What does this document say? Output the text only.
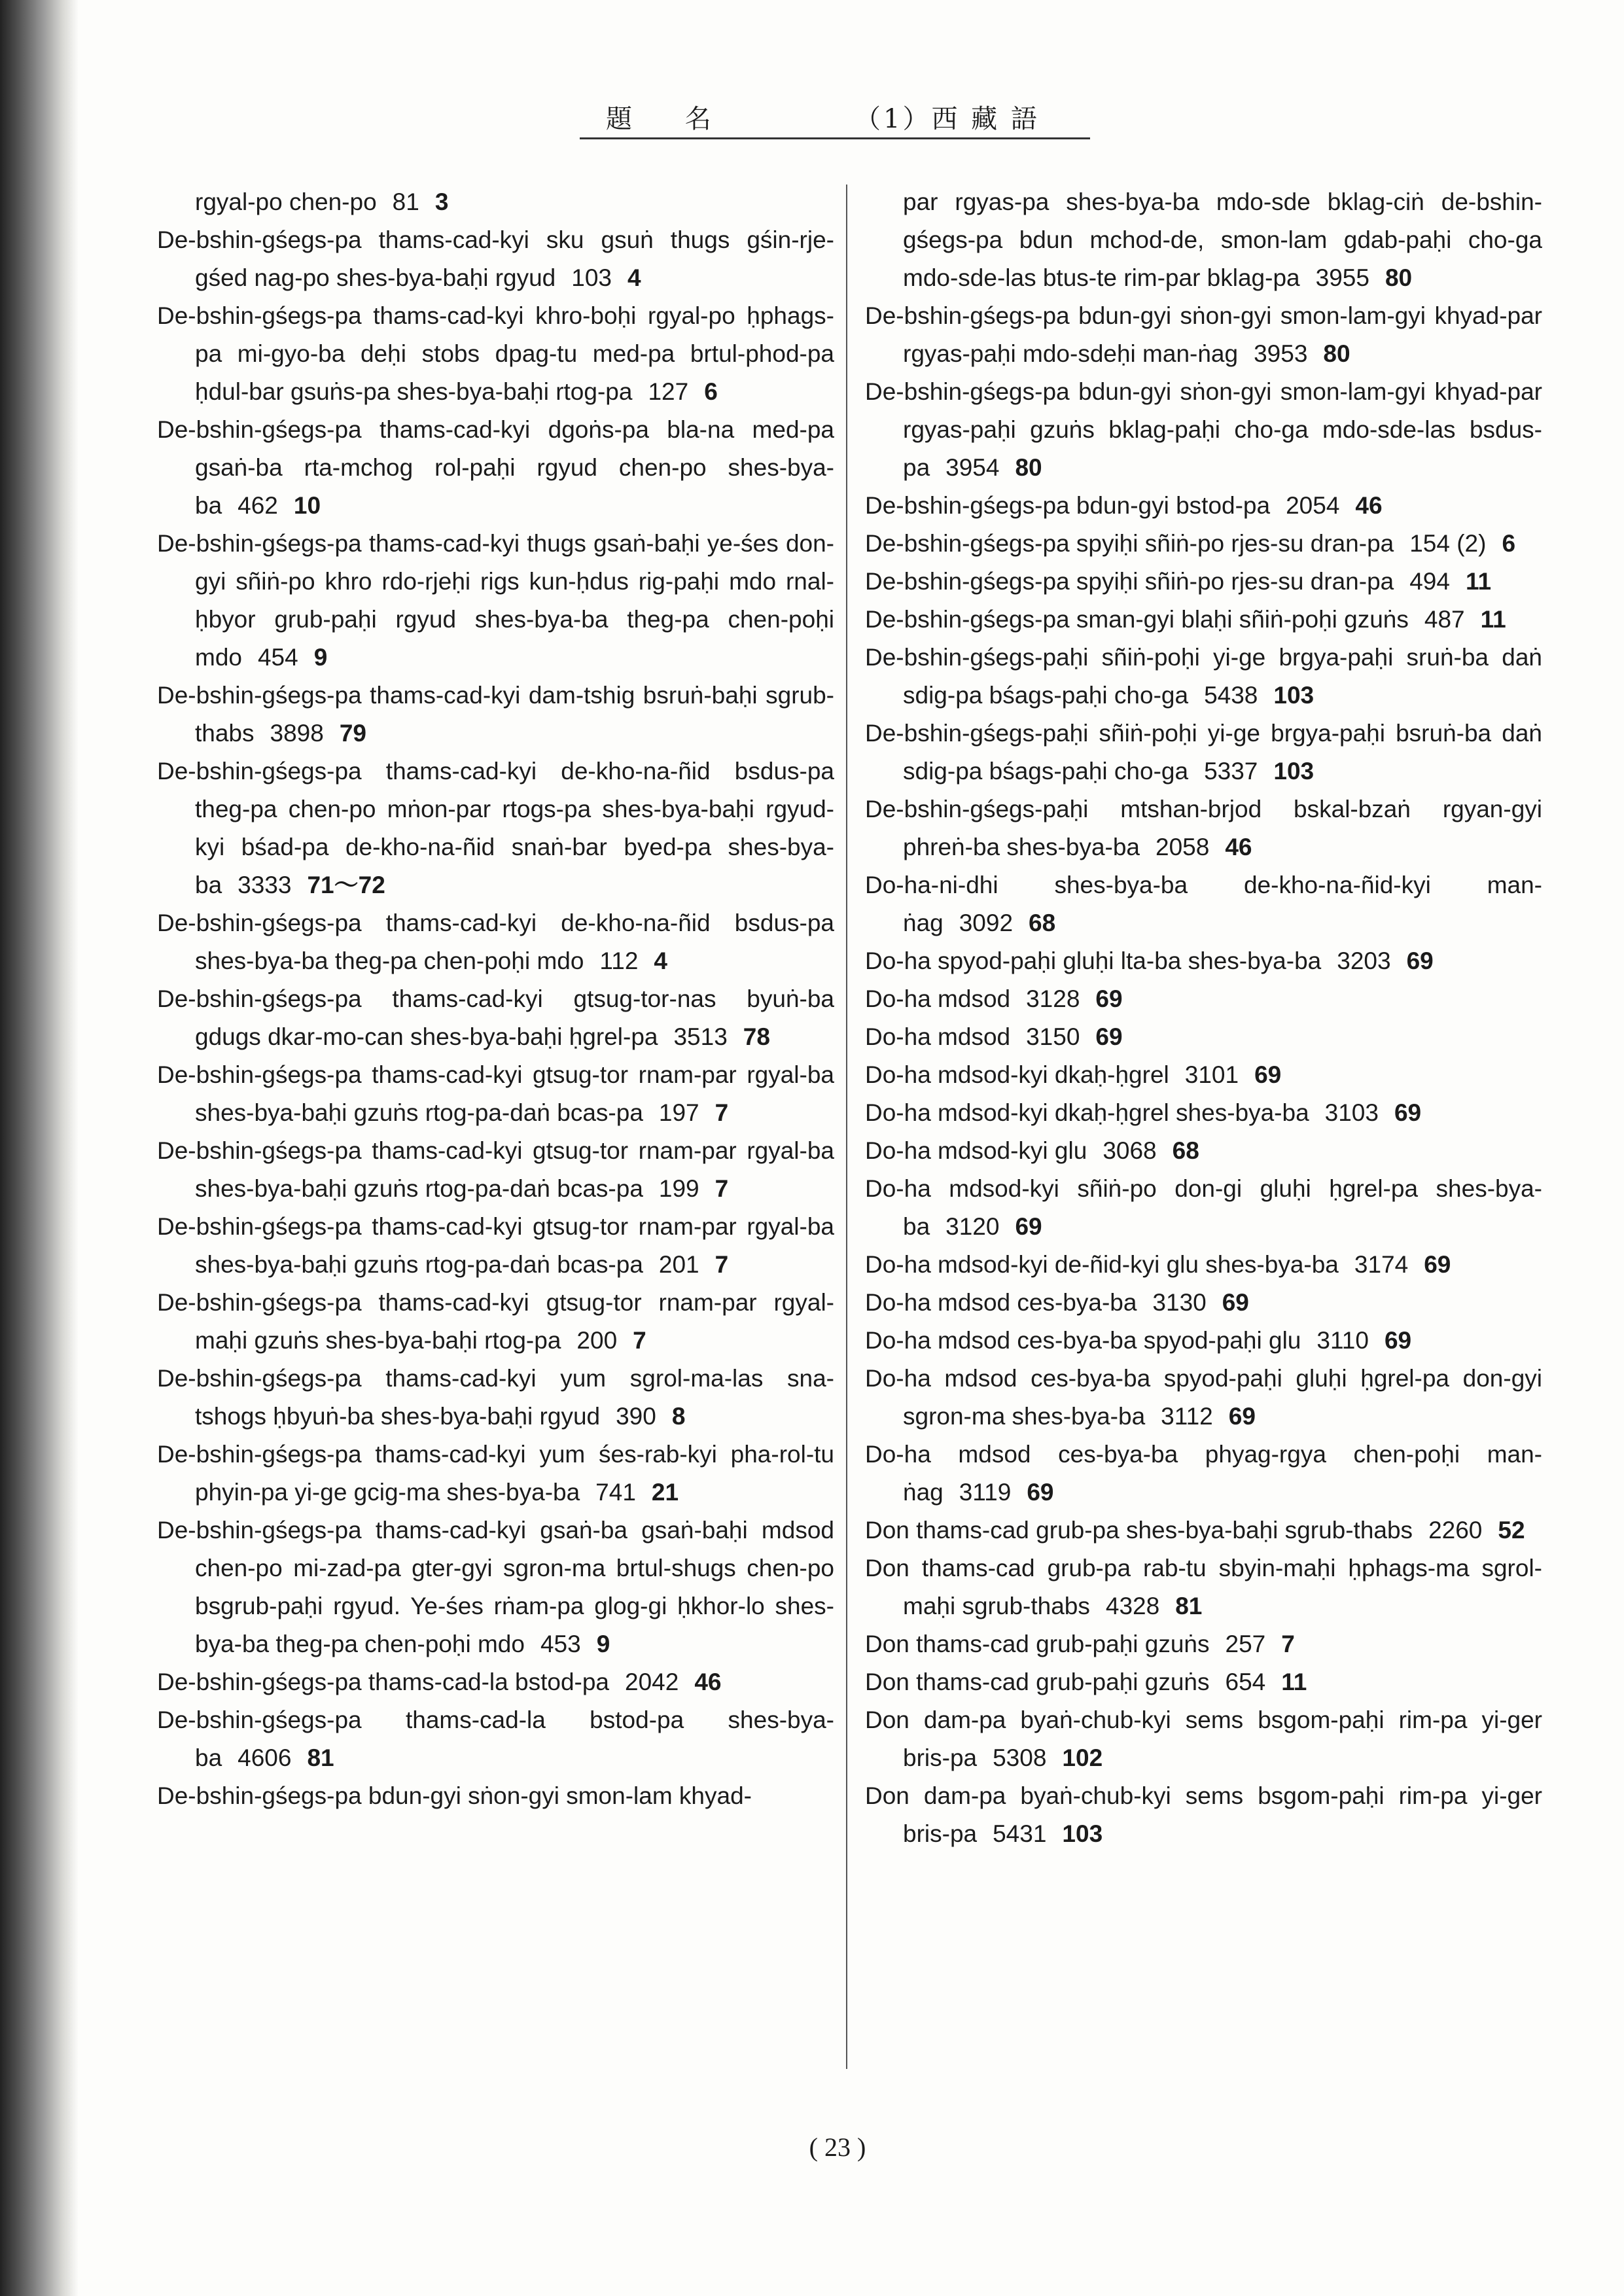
題 名	（1）西 藏 語
rgyal-po chen-po 81 3
De-bshin-gśegs-pa thams-cad-kyi sku gsuṅ thugs gśin-rje-gśed nag-po shes-bya-baḥi rgyud 103 4
De-bshin-gśegs-pa thams-cad-kyi khro-boḥi rgyal-po ḥphags-pa mi-gyo-ba deḥi stobs dpag-tu med-pa brtul-phod-pa ḥdul-bar gsuṅs-pa shes-bya-baḥi rtog-pa 127 6
De-bshin-gśegs-pa thams-cad-kyi dgoṅs-pa bla-na med-pa gsaṅ-ba rta-mchog rol-paḥi rgyud chen-po shes-bya-ba 462 10
De-bshin-gśegs-pa thams-cad-kyi thugs gsaṅ-baḥi ye-śes don-gyi sñiṅ-po khro rdo-rjeḥi rigs kun-ḥdus rig-paḥi mdo rnal-ḥbyor grub-paḥi rgyud shes-bya-ba theg-pa chen-poḥi mdo 454 9
De-bshin-gśegs-pa thams-cad-kyi dam-tshig bsruṅ-baḥi sgrub-thabs 3898 79
De-bshin-gśegs-pa thams-cad-kyi de-kho-na-ñid bsdus-pa theg-pa chen-po mṅon-par rtogs-pa shes-bya-baḥi rgyud-kyi bśad-pa de-kho-na-ñid snaṅ-bar byed-pa shes-bya-ba 3333 71～72
De-bshin-gśegs-pa thams-cad-kyi de-kho-na-ñid bsdus-pa shes-bya-ba theg-pa chen-poḥi mdo 112 4
De-bshin-gśegs-pa thams-cad-kyi gtsug-tor-nas byuṅ-ba gdugs dkar-mo-can shes-bya-baḥi ḥgrel-pa 3513 78
De-bshin-gśegs-pa thams-cad-kyi gtsug-tor rnam-par rgyal-ba shes-bya-baḥi gzuṅs rtog-pa-daṅ bcas-pa 197 7
De-bshin-gśegs-pa thams-cad-kyi gtsug-tor rnam-par rgyal-ba shes-bya-baḥi gzuṅs rtog-pa-daṅ bcas-pa 199 7
De-bshin-gśegs-pa thams-cad-kyi gtsug-tor rnam-par rgyal-ba shes-bya-baḥi gzuṅs rtog-pa-daṅ bcas-pa 201 7
De-bshin-gśegs-pa thams-cad-kyi gtsug-tor rnam-par rgyal-maḥi gzuṅs shes-bya-baḥi rtog-pa 200 7
De-bshin-gśegs-pa thams-cad-kyi yum sgrol-ma-las sna-tshogs ḥbyuṅ-ba shes-bya-baḥi rgyud 390 8
De-bshin-gśegs-pa thams-cad-kyi yum śes-rab-kyi pha-rol-tu phyin-pa yi-ge gcig-ma shes-bya-ba 741 21
De-bshin-gśegs-pa thams-cad-kyi gsaṅ-ba gsaṅ-baḥi mdsod chen-po mi-zad-pa gter-gyi sgron-ma brtul-shugs chen-po bsgrub-paḥi rgyud. Ye-śes rṅam-pa glog-gi ḥkhor-lo shes-bya-ba theg-pa chen-poḥi mdo 453 9
De-bshin-gśegs-pa thams-cad-la bstod-pa 2042 46
De-bshin-gśegs-pa thams-cad-la bstod-pa shes-bya-ba 4606 81
De-bshin-gśegs-pa bdun-gyi sṅon-gyi smon-lam khyad-
par rgyas-pa shes-bya-ba mdo-sde bklag-ciṅ de-bshin-gśegs-pa bdun mchod-de, smon-lam gdab-paḥi cho-ga mdo-sde-las btus-te rim-par bklag-pa 3955 80
De-bshin-gśegs-pa bdun-gyi sṅon-gyi smon-lam-gyi khyad-par rgyas-paḥi mdo-sdeḥi man-ṅag 3953 80
De-bshin-gśegs-pa bdun-gyi sṅon-gyi smon-lam-gyi khyad-par rgyas-paḥi gzuṅs bklag-paḥi cho-ga mdo-sde-las bsdus-pa 3954 80
De-bshin-gśegs-pa bdun-gyi bstod-pa 2054 46
De-bshin-gśegs-pa spyiḥi sñiṅ-po rjes-su dran-pa 154 (2) 6
De-bshin-gśegs-pa spyiḥi sñiṅ-po rjes-su dran-pa 494 11
De-bshin-gśegs-pa sman-gyi blaḥi sñiṅ-poḥi gzuṅs 487 11
De-bshin-gśegs-paḥi sñiṅ-poḥi yi-ge brgya-paḥi sruṅ-ba daṅ sdig-pa bśags-paḥi cho-ga 5438 103
De-bshin-gśegs-paḥi sñiṅ-poḥi yi-ge brgya-paḥi bsruṅ-ba daṅ sdig-pa bśags-paḥi cho-ga 5337 103
De-bshin-gśegs-paḥi mtshan-brjod bskal-bzaṅ rgyan-gyi phreṅ-ba shes-bya-ba 2058 46
Do-ha-ni-dhi shes-bya-ba de-kho-na-ñid-kyi man-ṅag 3092 68
Do-ha spyod-paḥi gluḥi lta-ba shes-bya-ba 3203 69
Do-ha mdsod 3128 69
Do-ha mdsod 3150 69
Do-ha mdsod-kyi dkaḥ-ḥgrel 3101 69
Do-ha mdsod-kyi dkaḥ-ḥgrel shes-bya-ba 3103 69
Do-ha mdsod-kyi glu 3068 68
Do-ha mdsod-kyi sñiṅ-po don-gi gluḥi ḥgrel-pa shes-bya-ba 3120 69
Do-ha mdsod-kyi de-ñid-kyi glu shes-bya-ba 3174 69
Do-ha mdsod ces-bya-ba 3130 69
Do-ha mdsod ces-bya-ba spyod-paḥi glu 3110 69
Do-ha mdsod ces-bya-ba spyod-paḥi gluḥi ḥgrel-pa don-gyi sgron-ma shes-bya-ba 3112 69
Do-ha mdsod ces-bya-ba phyag-rgya chen-poḥi man-ṅag 3119 69
Don thams-cad grub-pa shes-bya-baḥi sgrub-thabs 2260 52
Don thams-cad grub-pa rab-tu sbyin-maḥi ḥphags-ma sgrol-maḥi sgrub-thabs 4328 81
Don thams-cad grub-paḥi gzuṅs 257 7
Don thams-cad grub-paḥi gzuṅs 654 11
Don dam-pa byaṅ-chub-kyi sems bsgom-paḥi rim-pa yi-ger bris-pa 5308 102
Don dam-pa byaṅ-chub-kyi sems bsgom-paḥi rim-pa yi-ger bris-pa 5431 103
( 23 )
